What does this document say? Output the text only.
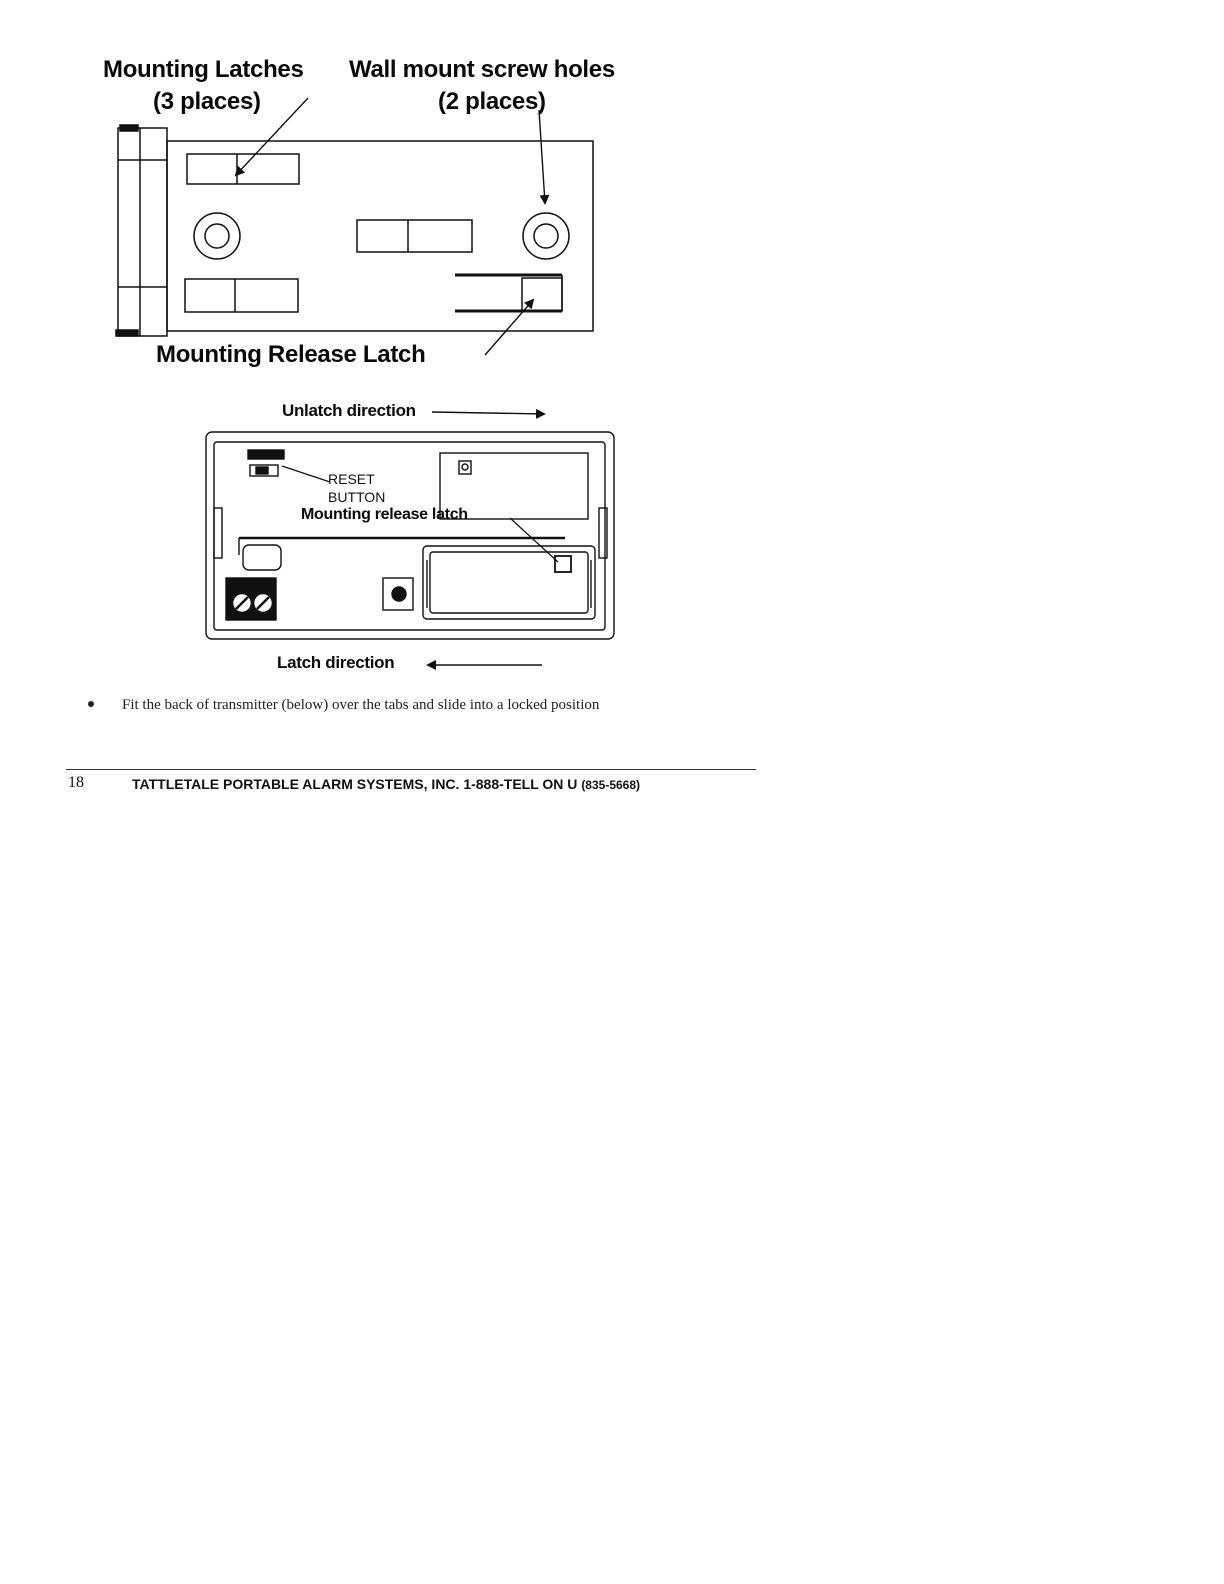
Mounting Latches
(3 places)
Wall mount screw holes
(2 places)
Mounting Release Latch
Unlatch direction
RESET
BUTTON
Mounting release latch
Latch direction
Fit the back of transmitter (below) over the tabs and slide into a locked position
18	TATTLETALE PORTABLE ALARM SYSTEMS, INC. 1-888-TELL ON U (835-5668)
